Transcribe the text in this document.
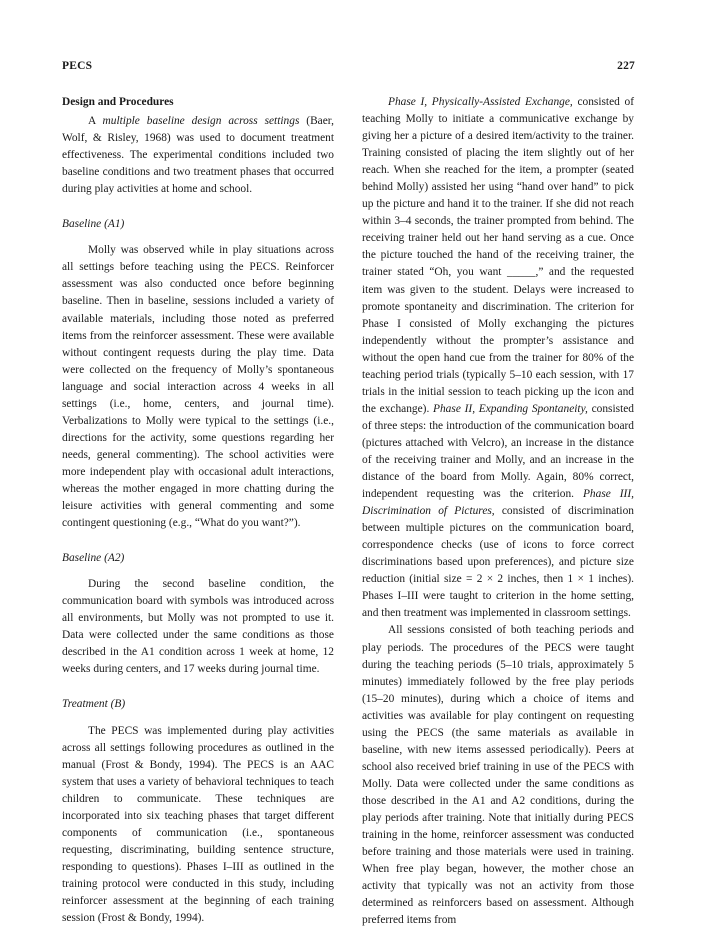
PECS	227
Design and Procedures

A multiple baseline design across settings (Baer, Wolf, & Risley, 1968) was used to document treatment effectiveness. The experimental conditions included two baseline conditions and two treatment phases that occurred during play activities at home and school.

Baseline (A1)

Molly was observed while in play situations across all settings before teaching using the PECS. Reinforcer assessment was also conducted once before beginning baseline. Then in baseline, sessions included a variety of available materials, including those noted as preferred items from the reinforcer assessment. These were available without contingent requests during the play time. Data were collected on the frequency of Molly’s spontaneous language and social interaction across 4 weeks in all settings (i.e., home, centers, and journal time). Verbalizations to Molly were typical to the settings (i.e., directions for the activity, some questions regarding her needs, general commenting). The school activities were more independent play with occasional adult interactions, whereas the mother engaged in more chatting during the leisure activities with general commenting and some contingent questioning (e.g., “What do you want?”).

Baseline (A2)

During the second baseline condition, the communication board with symbols was introduced across all environments, but Molly was not prompted to use it. Data were collected under the same conditions as those described in the A1 condition across 1 week at home, 12 weeks during centers, and 17 weeks during journal time.

Treatment (B)

The PECS was implemented during play activities across all settings following procedures as outlined in the manual (Frost & Bondy, 1994). The PECS is an AAC system that uses a variety of behavioral techniques to teach children to communicate. These techniques are incorporated into six teaching phases that target different components of communication (i.e., spontaneous requesting, discriminating, building sentence structure, responding to questions). Phases I–III as outlined in the training protocol were conducted in this study, including reinforcer assessment at the beginning of each training session (Frost & Bondy, 1994).

Phase I, Physically-Assisted Exchange, consisted of teaching Molly to initiate a communicative exchange by giving her a picture of a desired item/activity to the trainer. Training consisted of placing the item slightly out of her reach. When she reached for the item, a prompter (seated behind Molly) assisted her using “hand over hand” to pick up the picture and hand it to the trainer. If she did not reach within 3–4 seconds, the trainer prompted from behind. The receiving trainer held out her hand serving as a cue. Once the picture touched the hand of the receiving trainer, the trainer stated “Oh, you want _____,” and the requested item was given to the student. Delays were increased to promote spontaneity and discrimination. The criterion for Phase I consisted of Molly exchanging the pictures independently without the prompter’s assistance and without the open hand cue from the trainer for 80% of the teaching period trials (typically 5–10 each session, with 17 trials in the initial session to teach picking up the icon and the exchange). Phase II, Expanding Spontaneity, consisted of three steps: the introduction of the communication board (pictures attached with Velcro), an increase in the distance of the receiving trainer and Molly, and an increase in the distance of the board from Molly. Again, 80% correct, independent requesting was the criterion. Phase III, Discrimination of Pictures, consisted of discrimination between multiple pictures on the communication board, correspondence checks (use of icons to force correct discriminations based upon preferences), and picture size reduction (initial size = 2 × 2 inches, then 1 × 1 inches). Phases I–III were taught to criterion in the home setting, and then treatment was implemented in classroom settings.

All sessions consisted of both teaching periods and play periods. The procedures of the PECS were taught during the teaching periods (5–10 trials, approximately 5 minutes) immediately followed by the free play periods (15–20 minutes), during which a choice of items and activities was available for play contingent on requesting using the PECS (the same materials as available in baseline, with new items assessed periodically). Peers at school also received brief training in use of the PECS with Molly. Data were collected under the same conditions as those described in the A1 and A2 conditions, during the play periods after training. Note that initially during PECS training in the home, reinforcer assessment was conducted before training and those materials were used in training. When free play began, however, the mother chose an activity that typically was not an activity from those determined as reinforcers based on assessment. Although preferred items from
